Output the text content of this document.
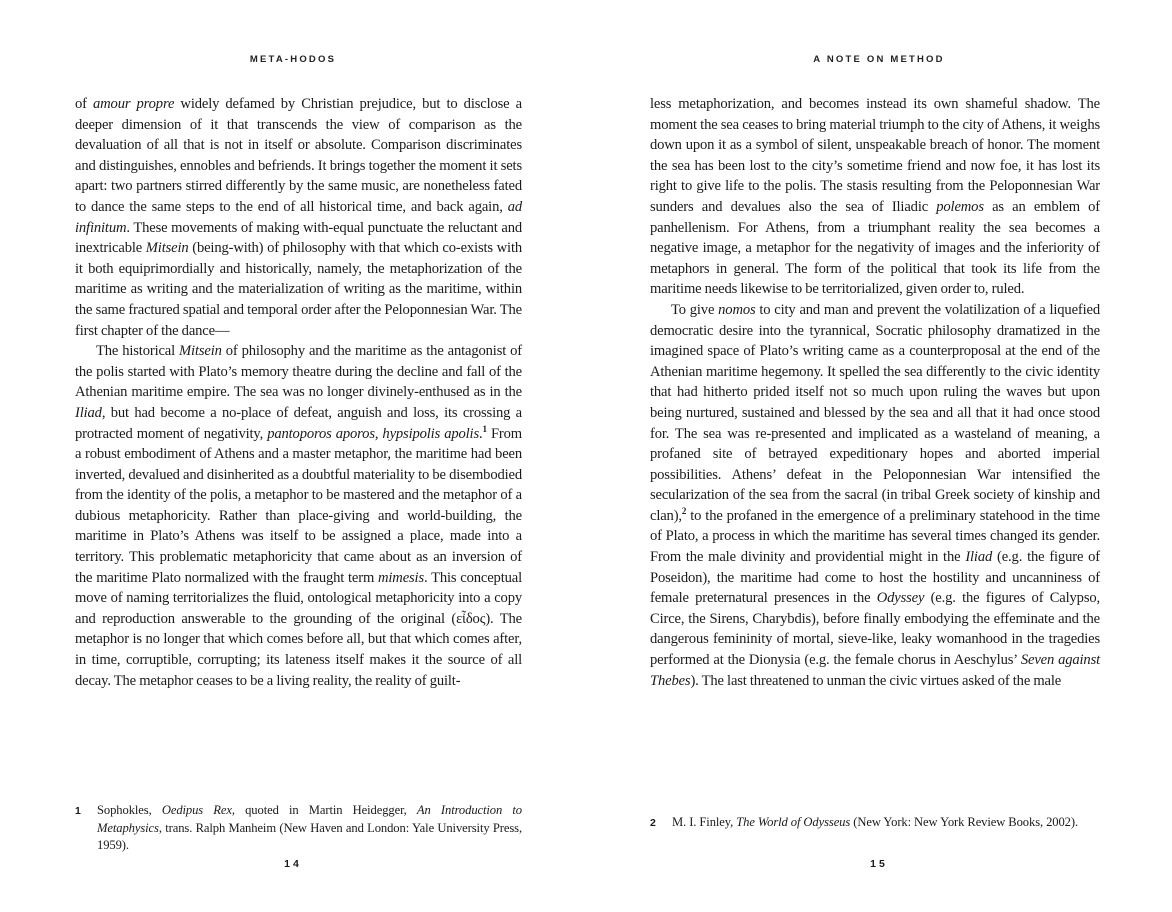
META-HODOS

of amour propre widely defamed by Christian prejudice, but to disclose a deeper dimension of it that transcends the view of comparison as the devaluation of all that is not in itself or absolute. Comparison discriminates and distinguishes, ennobles and befriends. It brings together the moment it sets apart: two partners stirred differently by the same music, are nonetheless fated to dance the same steps to the end of all historical time, and back again, ad infinitum. These movements of making with-equal punctuate the reluctant and inextricable Mitsein (being-with) of philosophy with that which co-exists with it both equiprimordially and historically, namely, the metaphorization of the maritime as writing and the materialization of writing as the maritime, within the same fractured spatial and temporal order after the Peloponnesian War. The first chapter of the dance—

The historical Mitsein of philosophy and the maritime as the antagonist of the polis started with Plato’s memory theatre during the decline and fall of the Athenian maritime empire. The sea was no longer divinely-enthused as in the Iliad, but had become a no-place of defeat, anguish and loss, its crossing a protracted moment of negativity, pantoporos aporos, hypsipolis apolis.$^1$ From a robust embodiment of Athens and a master metaphor, the maritime had been inverted, devalued and disinherited as a doubtful materiality to be disembodied from the identity of the polis, a metaphor to be mastered and the metaphor of a dubious metaphoricity. Rather than place-giving and world-building, the maritime in Plato’s Athens was itself to be assigned a place, made into a territory. This problematic metaphoricity that came about as an inversion of the maritime Plato normalized with the fraught term mimesis. This conceptual move of naming territorializes the fluid, ontological metaphoricity into a copy and reproduction answerable to the grounding of the original (εἶδος). The metaphor is no longer that which comes before all, but that which comes after, in time, corruptible, corrupting; its lateness itself makes it the source of all decay. The metaphor ceases to be a living reality, the reality of guilt-

1	Sophokles, Oedipus Rex, quoted in Martin Heidegger, An Introduction to Metaphysics, trans. Ralph Manheim (New Haven and London: Yale University Press, 1959).
14
A NOTE ON METHOD

less metaphorization, and becomes instead its own shameful shadow. The moment the sea ceases to bring material triumph to the city of Athens, it weighs down upon it as a symbol of silent, unspeakable breach of honor. The moment the sea has been lost to the city’s sometime friend and now foe, it has lost its right to give life to the polis. The stasis resulting from the Peloponnesian War sunders and devalues also the sea of Iliadic polemos as an emblem of panhellenism. For Athens, from a triumphant reality the sea becomes a negative image, a metaphor for the negativity of images and the inferiority of metaphors in general. The form of the political that took its life from the maritime needs likewise to be territorialized, given order to, ruled.

To give nomos to city and man and prevent the volatilization of a liquefied democratic desire into the tyrannical, Socratic philosophy dramatized in the imagined space of Plato’s writing came as a counterproposal at the end of the Athenian maritime hegemony. It spelled the sea differently to the civic identity that had hitherto prided itself not so much upon ruling the waves but upon being nurtured, sustained and blessed by the sea and all that it had once stood for. The sea was re-presented and implicated as a wasteland of meaning, a profaned site of betrayed expeditionary hopes and aborted imperial possibilities. Athens’ defeat in the Peloponnesian War intensified the secularization of the sea from the sacral (in tribal Greek society of kinship and clan),$^2$ to the profaned in the emergence of a preliminary statehood in the time of Plato, a process in which the maritime has several times changed its gender. From the male divinity and providential might in the Iliad (e.g. the figure of Poseidon), the maritime had come to host the hostility and uncanniness of female preternatural presences in the Odyssey (e.g. the figures of Calypso, Circe, the Sirens, Charybdis), before finally embodying the effeminate and the dangerous femininity of mortal, sieve-like, leaky womanhood in the tragedies performed at the Dionysia (e.g. the female chorus in Aeschylus’ Seven against Thebes). The last threatened to unman the civic virtues asked of the male

2	M. I. Finley, The World of Odysseus (New York: New York Review Books, 2002).
15
